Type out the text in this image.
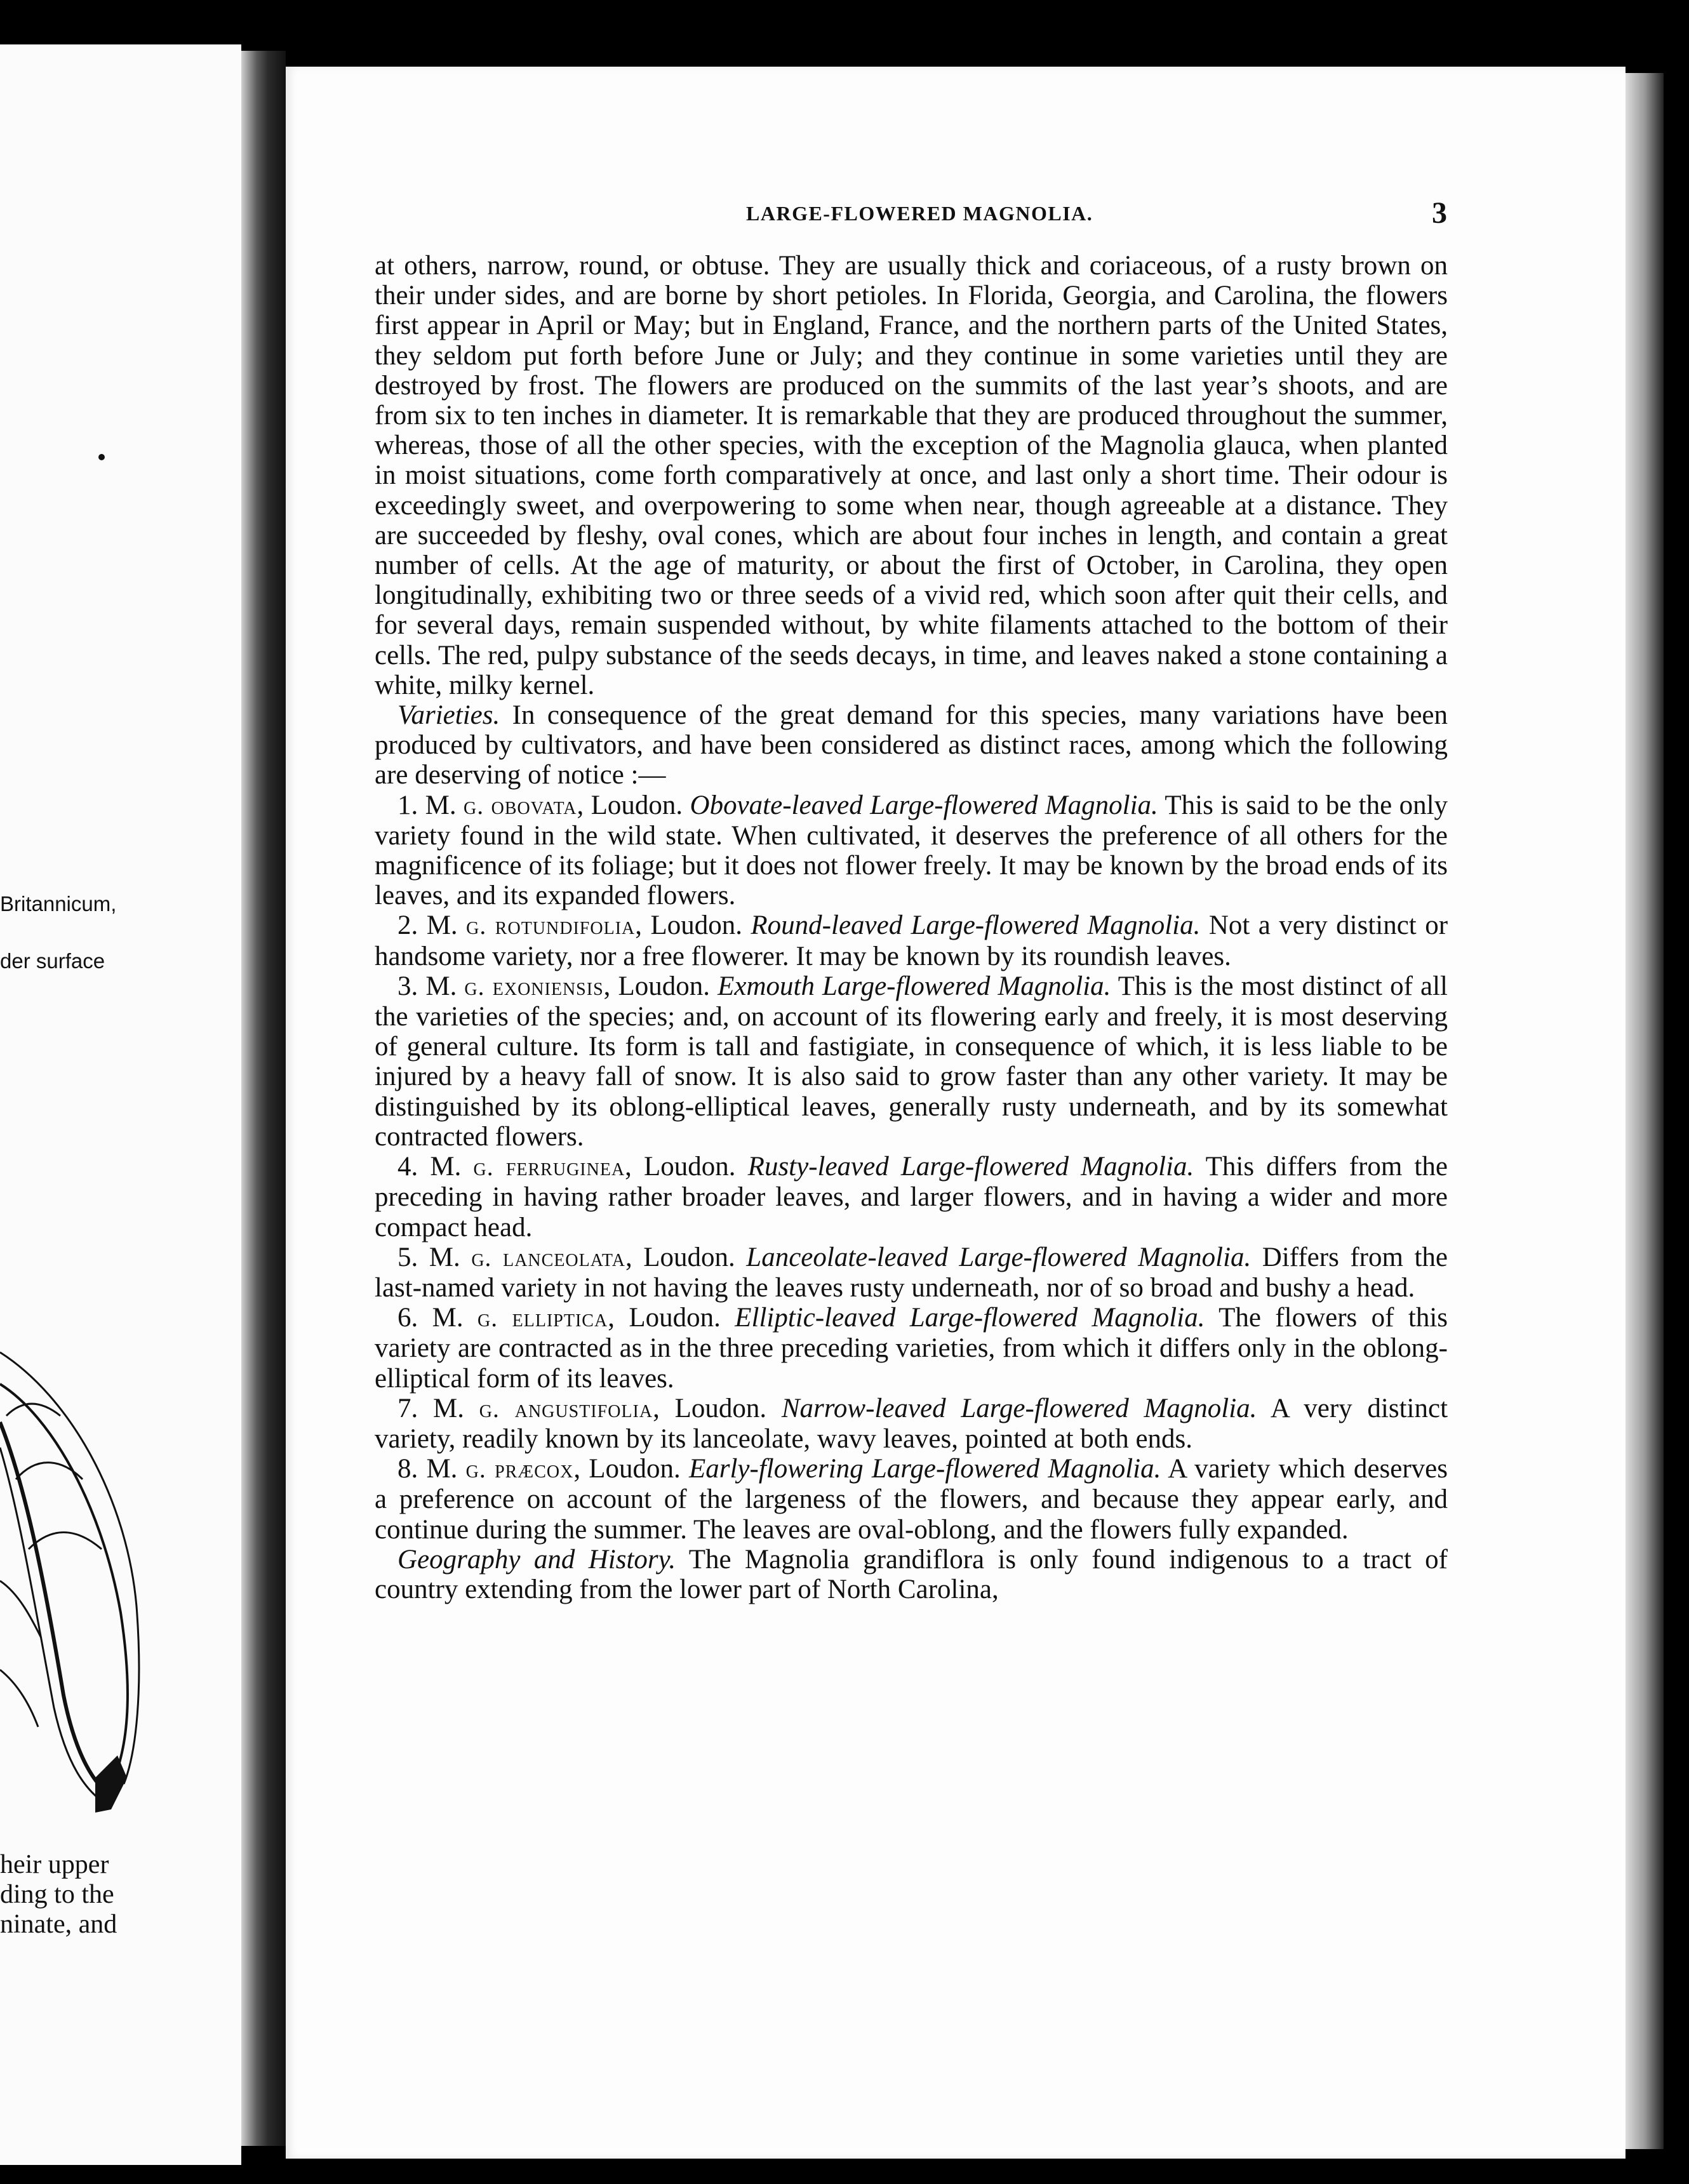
Britannicum,
der surface
heir upper
ding to the
ninate, and
LARGE-FLOWERED MAGNOLIA.	3

at others, narrow, round, or obtuse. They are usually thick and coriaceous, of a rusty brown on their under sides, and are borne by short petioles. In Florida, Georgia, and Carolina, the flowers first appear in April or May; but in England, France, and the northern parts of the United States, they seldom put forth before June or July; and they continue in some varieties until they are destroyed by frost. The flowers are produced on the summits of the last year’s shoots, and are from six to ten inches in diameter. It is remarkable that they are produced throughout the summer, whereas, those of all the other species, with the exception of the Magnolia glauca, when planted in moist situations, come forth comparatively at once, and last only a short time. Their odour is exceedingly sweet, and overpowering to some when near, though agreeable at a distance. They are succeeded by fleshy, oval cones, which are about four inches in length, and contain a great number of cells. At the age of maturity, or about the first of October, in Carolina, they open longitudinally, exhibiting two or three seeds of a vivid red, which soon after quit their cells, and for several days, remain suspended without, by white filaments attached to the bottom of their cells. The red, pulpy substance of the seeds decays, in time, and leaves naked a stone containing a white, milky kernel.

Varieties. In consequence of the great demand for this species, many variations have been produced by cultivators, and have been considered as distinct races, among which the following are deserving of notice :—

1. M. g. obovata, Loudon. Obovate-leaved Large-flowered Magnolia. This is said to be the only variety found in the wild state. When cultivated, it deserves the preference of all others for the magnificence of its foliage; but it does not flower freely. It may be known by the broad ends of its leaves, and its expanded flowers.

2. M. g. rotundifolia, Loudon. Round-leaved Large-flowered Magnolia. Not a very distinct or handsome variety, nor a free flowerer. It may be known by its roundish leaves.

3. M. g. exoniensis, Loudon. Exmouth Large-flowered Magnolia. This is the most distinct of all the varieties of the species; and, on account of its flowering early and freely, it is most deserving of general culture. Its form is tall and fastigiate, in consequence of which, it is less liable to be injured by a heavy fall of snow. It is also said to grow faster than any other variety. It may be distinguished by its oblong-elliptical leaves, generally rusty underneath, and by its somewhat contracted flowers.

4. M. g. ferruginea, Loudon. Rusty-leaved Large-flowered Magnolia. This differs from the preceding in having rather broader leaves, and larger flowers, and in having a wider and more compact head.

5. M. g. lanceolata, Loudon. Lanceolate-leaved Large-flowered Magnolia. Differs from the last-named variety in not having the leaves rusty underneath, nor of so broad and bushy a head.

6. M. g. elliptica, Loudon. Elliptic-leaved Large-flowered Magnolia. The flowers of this variety are contracted as in the three preceding varieties, from which it differs only in the oblong-elliptical form of its leaves.

7. M. g. angustifolia, Loudon. Narrow-leaved Large-flowered Magnolia. A very distinct variety, readily known by its lanceolate, wavy leaves, pointed at both ends.

8. M. g. præcox, Loudon. Early-flowering Large-flowered Magnolia. A variety which deserves a preference on account of the largeness of the flowers, and because they appear early, and continue during the summer. The leaves are oval-oblong, and the flowers fully expanded.

Geography and History. The Magnolia grandiflora is only found indigenous to a tract of country extending from the lower part of North Carolina,
